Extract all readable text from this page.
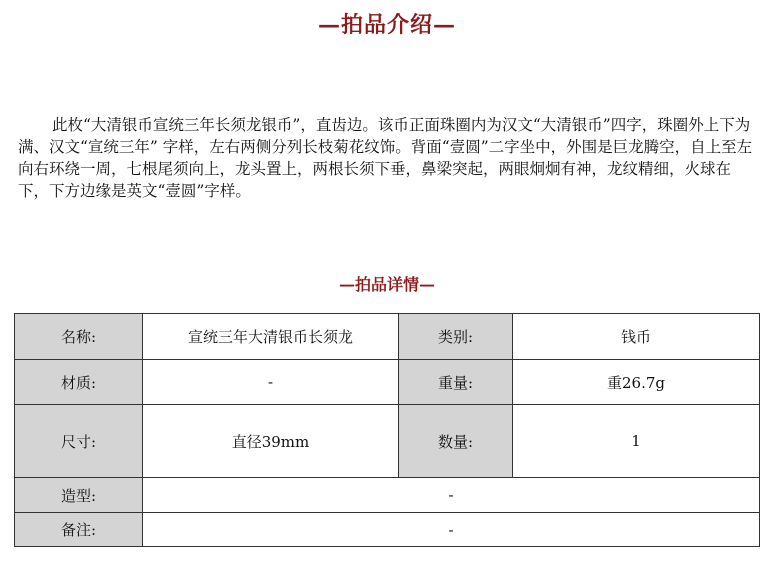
—拍品介绍—

此枚“大清银币宣统三年长须龙银币”，直齿边。该币正面珠圈内为汉文“大清银币”四字，珠圈外上下为满、汉文“宣统三年” 字样，左右两侧分列长枝菊花纹饰。背面“壹圆”二字坐中，外围是巨龙腾空，自上至左向右环绕一周，七根尾须向上，龙头置上，两根长须下垂，鼻梁突起，两眼炯炯有神，龙纹精细，火球在下，下方边缘是英文“壹圆”字样。

—拍品详情—
名称:	宣统三年大清银币长须龙	类别:	钱币
材质:	-	重量:	重26.7g
尺寸:	直径39mm	数量:	1
造型:	-		
备注:	-		
